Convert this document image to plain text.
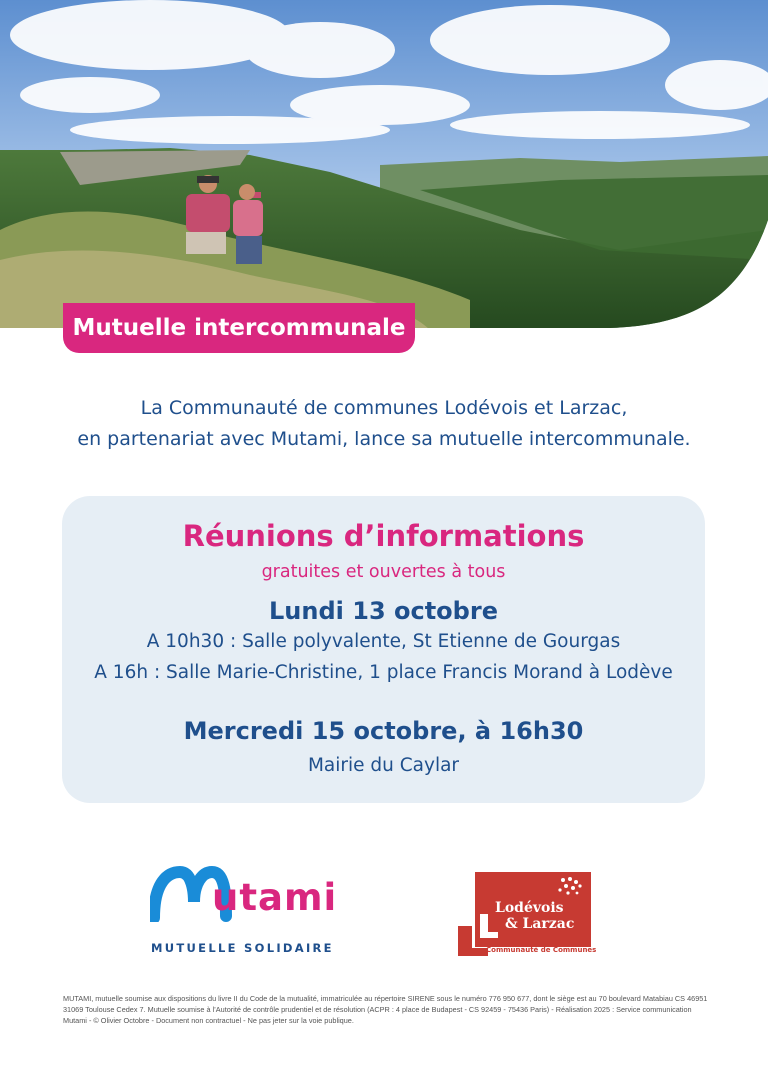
Mutuelle intercommunale
La Communauté de communes Lodévois et Larzac,
en partenariat avec Mutami, lance sa mutuelle intercommunale.
Réunions d’informations
gratuites et ouvertes à tous
Lundi 13 octobre
A 10h30 : Salle polyvalente, St Etienne de Gourgas
A 16h : Salle Marie-Christine, 1 place Francis Morand à Lodève
Mercredi 15 octobre, à 16h30
Mairie du Caylar
utami
MUTUELLE SOLIDAIRE
Lodévois
& Larzac
Communauté de Communes
MUTAMI, mutuelle soumise aux dispositions du livre II du Code de la mutualité, immatriculée au répertoire SIRENE sous le numéro 776 950 677, dont le siège est au 70 boulevard Matabiau CS 46951 31069 Toulouse Cedex 7. Mutuelle soumise à l’Autorité de contrôle prudentiel et de résolution (ACPR : 4 place de Budapest - CS 92459 - 75436 Paris) - Réalisation 2025 : Service communication Mutami - © Olivier Octobre - Document non contractuel - Ne pas jeter sur la voie publique.
